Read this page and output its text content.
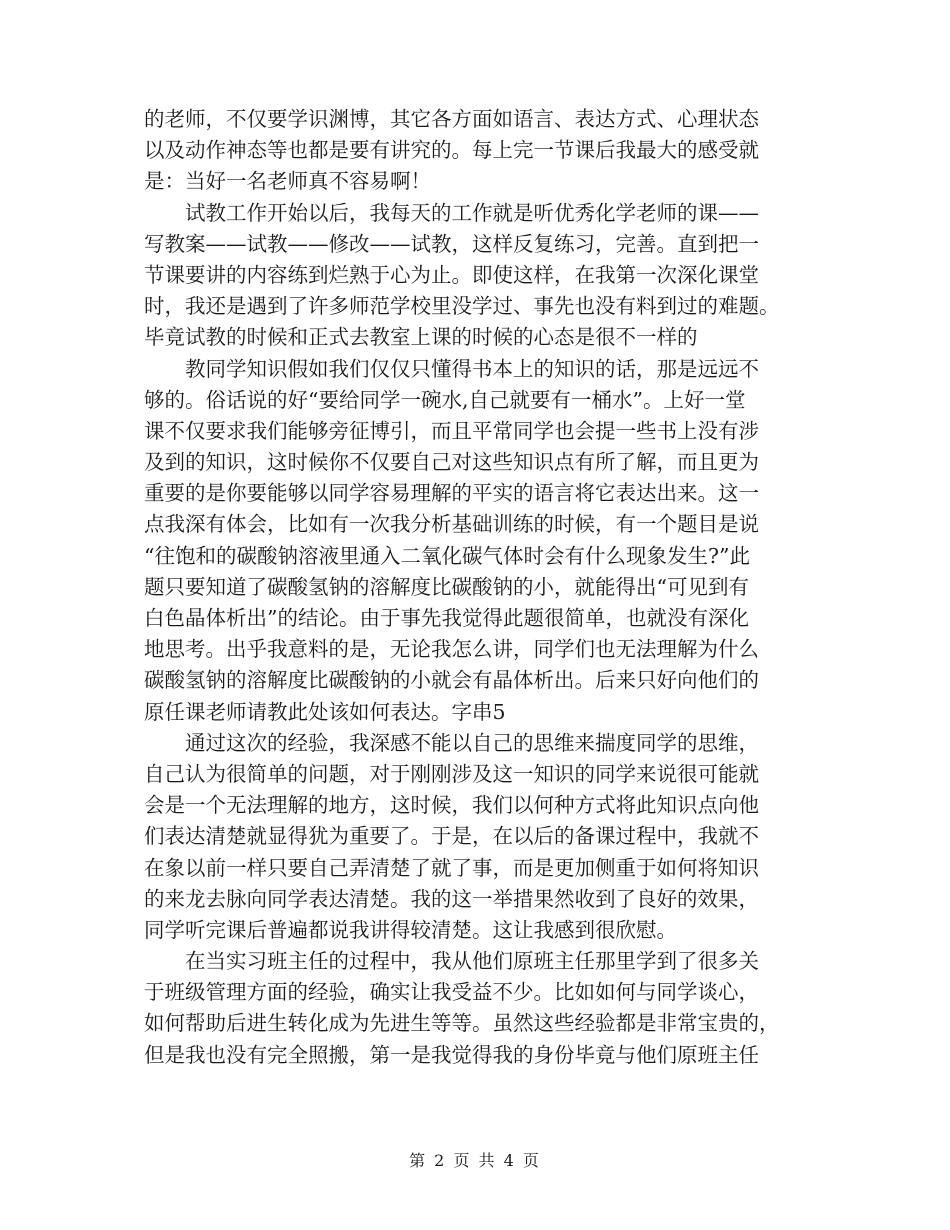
的老师，不仅要学识渊博，其它各方面如语言、表达方式、心理状态
以及动作神态等也都是要有讲究的。每上完一节课后我最大的感受就
是：当好一名老师真不容易啊！
试教工作开始以后，我每天的工作就是听优秀化学老师的课——
写教案——试教——修改——试教，这样反复练习，完善。直到把一
节课要讲的内容练到烂熟于心为止。即使这样，在我第一次深化课堂
时，我还是遇到了许多师范学校里没学过、事先也没有料到过的难题。
毕竟试教的时候和正式去教室上课的时候的心态是很不一样的
教同学知识假如我们仅仅只懂得书本上的知识的话，那是远远不
够的。俗话说的好“要给同学一碗水,自己就要有一桶水”。上好一堂
课不仅要求我们能够旁征博引，而且平常同学也会提一些书上没有涉
及到的知识，这时候你不仅要自己对这些知识点有所了解，而且更为
重要的是你要能够以同学容易理解的平实的语言将它表达出来。这一
点我深有体会，比如有一次我分析基础训练的时候，有一个题目是说
“往饱和的碳酸钠溶液里通入二氧化碳气体时会有什么现象发生?”此
题只要知道了碳酸氢钠的溶解度比碳酸钠的小，就能得出“可见到有
白色晶体析出”的结论。由于事先我觉得此题很简单，也就没有深化
地思考。出乎我意料的是，无论我怎么讲，同学们也无法理解为什么
碳酸氢钠的溶解度比碳酸钠的小就会有晶体析出。后来只好向他们的
原任课老师请教此处该如何表达。字串5
通过这次的经验，我深感不能以自己的思维来揣度同学的思维，
自己认为很简单的问题，对于刚刚涉及这一知识的同学来说很可能就
会是一个无法理解的地方，这时候，我们以何种方式将此知识点向他
们表达清楚就显得犹为重要了。于是，在以后的备课过程中，我就不
在象以前一样只要自己弄清楚了就了事，而是更加侧重于如何将知识
的来龙去脉向同学表达清楚。我的这一举措果然收到了良好的效果，
同学听完课后普遍都说我讲得较清楚。这让我感到很欣慰。
在当实习班主任的过程中，我从他们原班主任那里学到了很多关
于班级管理方面的经验，确实让我受益不少。比如如何与同学谈心，
如何帮助后进生转化成为先进生等等。虽然这些经验都是非常宝贵的，
但是我也没有完全照搬，第一是我觉得我的身份毕竟与他们原班主任
第 2 页 共 4 页
